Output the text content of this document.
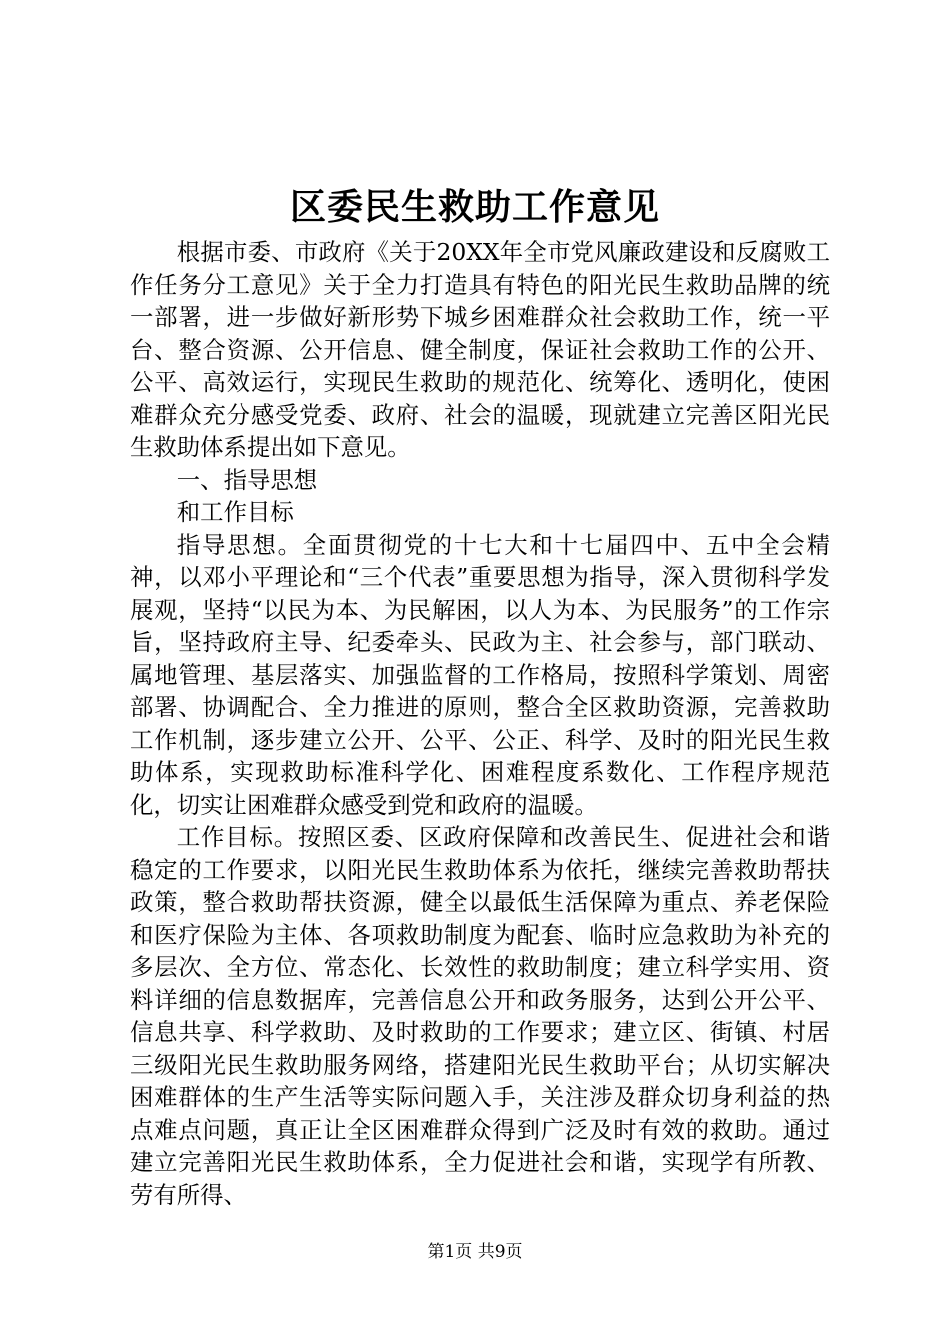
区委民生救助工作意见

根据市委、市政府《关于20XX年全市党风廉政建设和反腐败工作任务分工意见》关于全力打造具有特色的阳光民生救助品牌的统一部署，进一步做好新形势下城乡困难群众社会救助工作，统一平台、整合资源、公开信息、健全制度，保证社会救助工作的公开、公平、高效运行，实现民生救助的规范化、统筹化、透明化，使困难群众充分感受党委、政府、社会的温暖，现就建立完善区阳光民生救助体系提出如下意见。

一、指导思想

和工作目标

指导思想。全面贯彻党的十七大和十七届四中、五中全会精神，以邓小平理论和“三个代表”重要思想为指导，深入贯彻科学发展观，坚持“以民为本、为民解困，以人为本、为民服务”的工作宗旨，坚持政府主导、纪委牵头、民政为主、社会参与，部门联动、属地管理、基层落实、加强监督的工作格局，按照科学策划、周密部署、协调配合、全力推进的原则，整合全区救助资源，完善救助工作机制，逐步建立公开、公平、公正、科学、及时的阳光民生救助体系，实现救助标准科学化、困难程度系数化、工作程序规范化，切实让困难群众感受到党和政府的温暖。

工作目标。按照区委、区政府保障和改善民生、促进社会和谐稳定的工作要求，以阳光民生救助体系为依托，继续完善救助帮扶政策，整合救助帮扶资源，健全以最低生活保障为重点、养老保险和医疗保险为主体、各项救助制度为配套、临时应急救助为补充的多层次、全方位、常态化、长效性的救助制度；建立科学实用、资料详细的信息数据库，完善信息公开和政务服务，达到公开公平、信息共享、科学救助、及时救助的工作要求；建立区、街镇、村居三级阳光民生救助服务网络，搭建阳光民生救助平台；从切实解决困难群体的生产生活等实际问题入手，关注涉及群众切身利益的热点难点问题，真正让全区困难群众得到广泛及时有效的救助。通过建立完善阳光民生救助体系，全力促进社会和谐，实现学有所教、劳有所得、

第1页 共9页
